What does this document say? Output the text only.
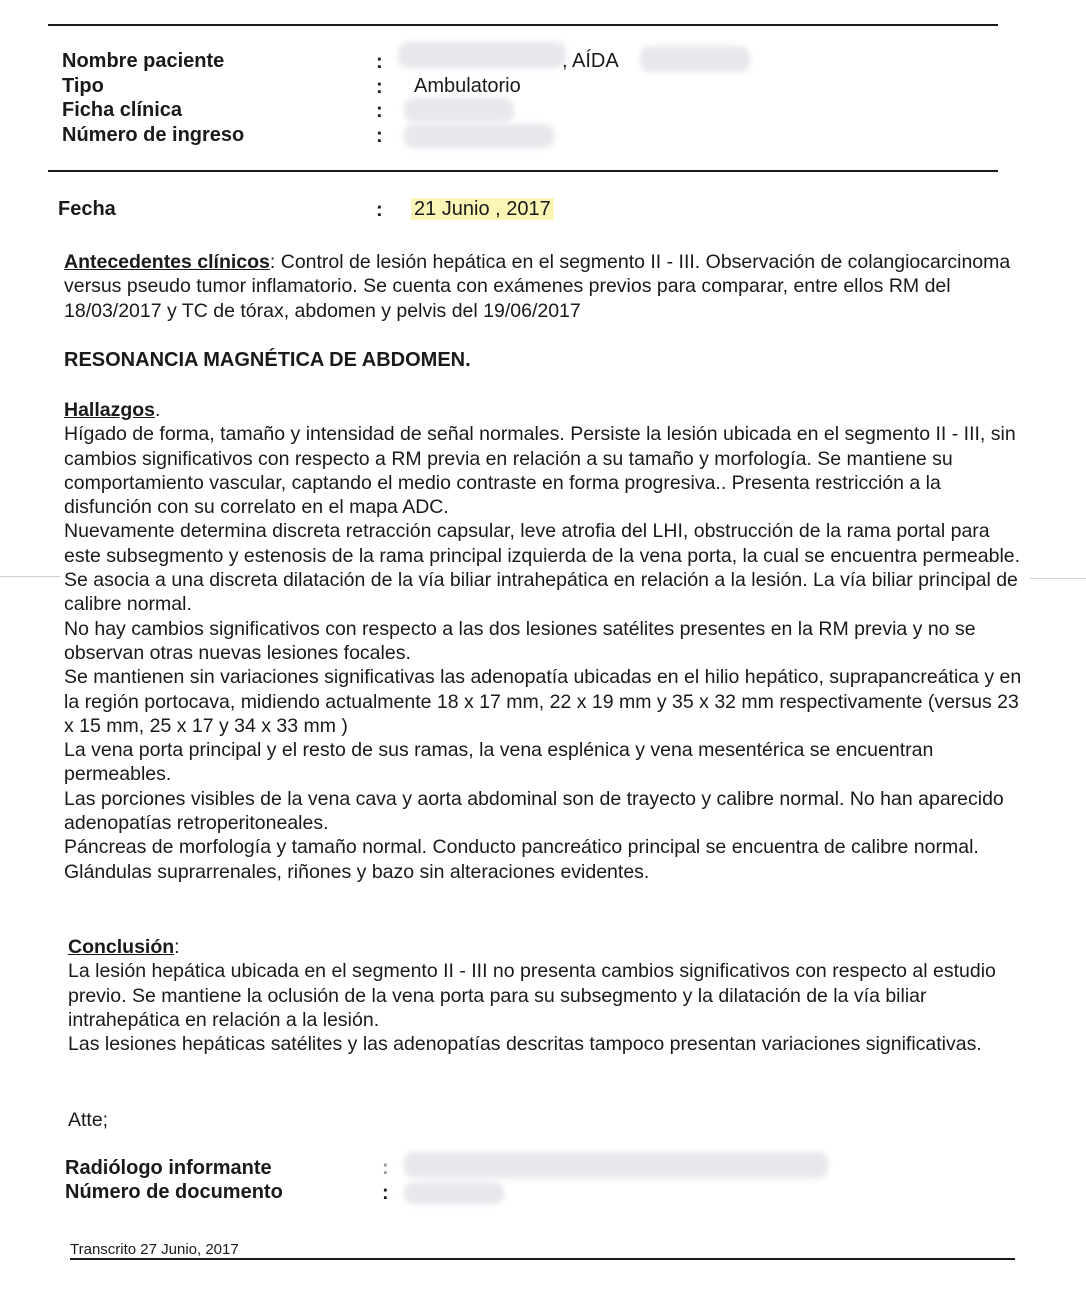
Nombre paciente
Tipo
Ficha clínica
Número de ingreso
:
:
:
:
, AÍDA
Ambulatorio
Fecha	: 21 Junio , 2017

Antecedentes clínicos: Control de lesión hepática en el segmento II - III. Observación de colangiocarcinoma versus pseudo tumor inflamatorio. Se cuenta con exámenes previos para comparar, entre ellos RM del 18/03/2017 y TC de tórax, abdomen y pelvis del 19/06/2017

RESONANCIA MAGNÉTICA DE ABDOMEN.

Hallazgos.

Hígado de forma, tamaño y intensidad de señal normales. Persiste la lesión ubicada en el segmento II - III, sin cambios significativos con respecto a RM previa en relación a su tamaño y morfología. Se mantiene su comportamiento vascular, captando el medio contraste en forma progresiva.. Presenta restricción a la disfunción con su correlato en el mapa ADC.

Nuevamente determina discreta retracción capsular, leve atrofia del LHI, obstrucción de la rama portal para este subsegmento y estenosis de la rama principal izquierda de la vena porta, la cual se encuentra permeable. Se asocia a una discreta dilatación de la vía biliar intrahepática en relación a la lesión. La vía biliar principal de calibre normal.

No hay cambios significativos con respecto a las dos lesiones satélites presentes en la RM previa y no se observan otras nuevas lesiones focales.

Se mantienen sin variaciones significativas las adenopatía ubicadas en el hilio hepático, suprapancreática y en la región portocava, midiendo actualmente 18 x 17 mm, 22 x 19 mm y 35 x 32 mm respectivamente (versus 23 x 15 mm, 25 x 17 y 34 x 33 mm )

La vena porta principal y el resto de sus ramas, la vena esplénica y vena mesentérica se encuentran permeables.

Las porciones visibles de la vena cava y aorta abdominal son de trayecto y calibre normal. No han aparecido adenopatías retroperitoneales.

Páncreas de morfología y tamaño normal. Conducto pancreático principal se encuentra de calibre normal.

Glándulas suprarrenales, riñones y bazo sin alteraciones evidentes.

Conclusión:

La lesión hepática ubicada en el segmento II - III no presenta cambios significativos con respecto al estudio previo. Se mantiene la oclusión de la vena porta para su subsegmento y la dilatación de la vía biliar intrahepática en relación a la lesión.

Las lesiones hepáticas satélites y las adenopatías descritas tampoco presentan variaciones significativas.

Atte;
Radiólogo informante
Número de documento
:
:
Transcrito 27 Junio, 2017
